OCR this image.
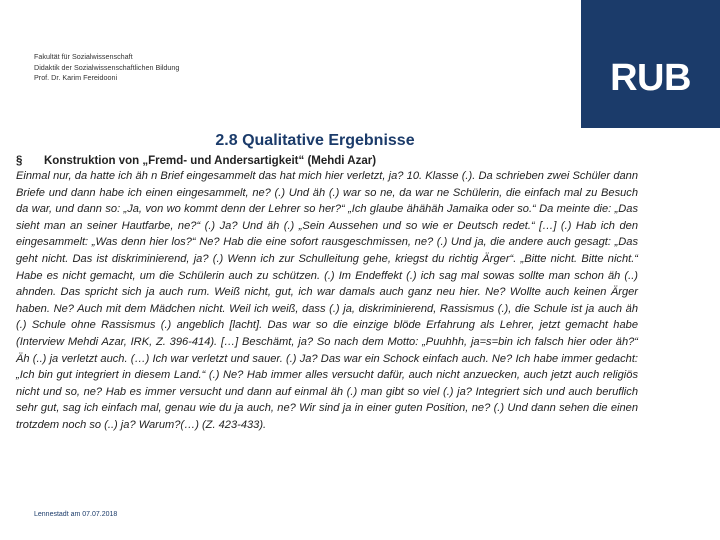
Fakultät für Sozialwissenschaft
Didaktik der Sozialwissenschaftlichen Bildung
Prof. Dr. Karim Fereidooni	RUB
2.8 Qualitative Ergebnisse
§ Konstruktion von „Fremd- und Andersartigkeit“ (Mehdi Azar)
Einmal nur, da hatte ich äh n Brief eingesammelt das hat mich hier verletzt, ja? 10. Klasse (.). Da schrieben zwei Schüler dann Briefe und dann habe ich einen eingesammelt, ne? (.) Und äh (.) war so ne, da war ne Schülerin, die einfach mal zu Besuch da war, und dann so: „Ja, von wo kommt denn der Lehrer so her?“ „Ich glaube ähähäh Jamaika oder so.“ Da meinte die: „Das sieht man an seiner Hautfarbe, ne?“ (.) Ja? Und äh (.) „Sein Aussehen und so wie er Deutsch redet.“ […] (.) Hab ich den eingesammelt: „Was denn hier los?“ Ne? Hab die eine sofort rausgeschmissen, ne? (.) Und ja, die andere auch gesagt: „Das geht nicht. Das ist diskriminierend, ja? (.) Wenn ich zur Schulleitung gehe, kriegst du richtig Ärger“. „Bitte nicht. Bitte nicht.“ Habe es nicht gemacht, um die Schülerin auch zu schützen. (.) Im Endeffekt (.) ich sag mal sowas sollte man schon äh (..) ahnden. Das spricht sich ja auch rum. Weiß nicht, gut, ich war damals auch ganz neu hier. Ne? Wollte auch keinen Ärger haben. Ne? Auch mit dem Mädchen nicht. Weil ich weiß, dass (.) ja, diskriminierend, Rassismus (.), die Schule ist ja auch äh (.) Schule ohne Rassismus (.) angeblich [lacht]. Das war so die einzige blöde Erfahrung als Lehrer, jetzt gemacht habe (Interview Mehdi Azar, IRK, Z. 396-414). […] Beschämt, ja? So nach dem Motto: „Puuhhh, ja=s=bin ich falsch hier oder äh?“ Äh (..) ja verletzt auch. (…) Ich war verletzt und sauer. (.) Ja? Das war ein Schock einfach auch. Ne? Ich habe immer gedacht: „Ich bin gut integriert in diesem Land.“ (.) Ne? Hab immer alles versucht dafür, auch nicht anzuecken, auch jetzt auch religiös nicht und so, ne? Hab es immer versucht und dann auf einmal äh (.) man gibt so viel (.) ja? Integriert sich und auch beruflich sehr gut, sag ich einfach mal, genau wie du ja auch, ne? Wir sind ja in einer guten Position, ne? (.) Und dann sehen die einen trotzdem noch so (..) ja? Warum?(…) (Z. 423-433).
Lennestadt am 07.07.2018
